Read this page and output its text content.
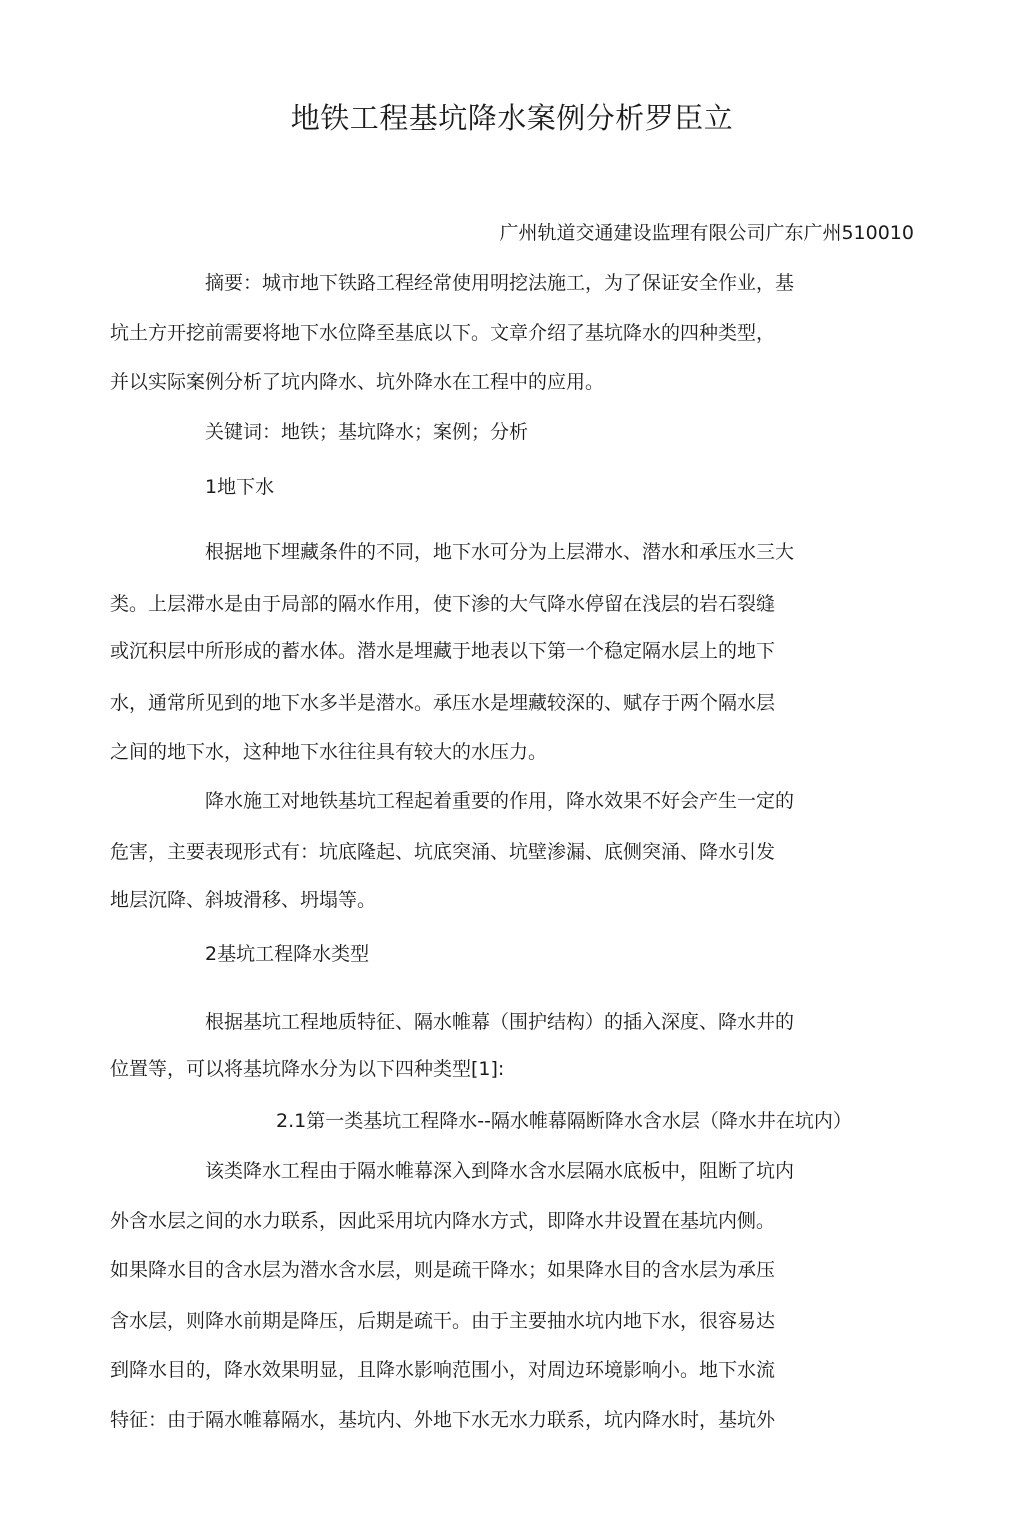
地铁工程基坑降水案例分析罗臣立
广州轨道交通建设监理有限公司广东广州510010
摘要：城市地下铁路工程经常使用明挖法施工，为了保证安全作业，基
坑土方开挖前需要将地下水位降至基底以下。文章介绍了基坑降水的四种类型，
并以实际案例分析了坑内降水、坑外降水在工程中的应用。
关键词：地铁；基坑降水；案例；分析
1地下水
根据地下埋藏条件的不同，地下水可分为上层滞水、潜水和承压水三大
类。上层滞水是由于局部的隔水作用，使下渗的大气降水停留在浅层的岩石裂缝
或沉积层中所形成的蓄水体。潜水是埋藏于地表以下第一个稳定隔水层上的地下
水，通常所见到的地下水多半是潜水。承压水是埋藏较深的、赋存于两个隔水层
之间的地下水，这种地下水往往具有较大的水压力。
降水施工对地铁基坑工程起着重要的作用，降水效果不好会产生一定的
危害，主要表现形式有：坑底隆起、坑底突涌、坑壁渗漏、底侧突涌、降水引发
地层沉降、斜坡滑移、坍塌等。
2基坑工程降水类型
根据基坑工程地质特征、隔水帷幕（围护结构）的插入深度、降水井的
位置等，可以将基坑降水分为以下四种类型[1]:
2.1第一类基坑工程降水--隔水帷幕隔断降水含水层（降水井在坑内）
该类降水工程由于隔水帷幕深入到降水含水层隔水底板中，阻断了坑内
外含水层之间的水力联系，因此采用坑内降水方式，即降水井设置在基坑内侧。
如果降水目的含水层为潜水含水层，则是疏干降水；如果降水目的含水层为承压
含水层，则降水前期是降压，后期是疏干。由于主要抽水坑内地下水，很容易达
到降水目的，降水效果明显，且降水影响范围小，对周边环境影响小。地下水流
特征：由于隔水帷幕隔水，基坑内、外地下水无水力联系，坑内降水时，基坑外
